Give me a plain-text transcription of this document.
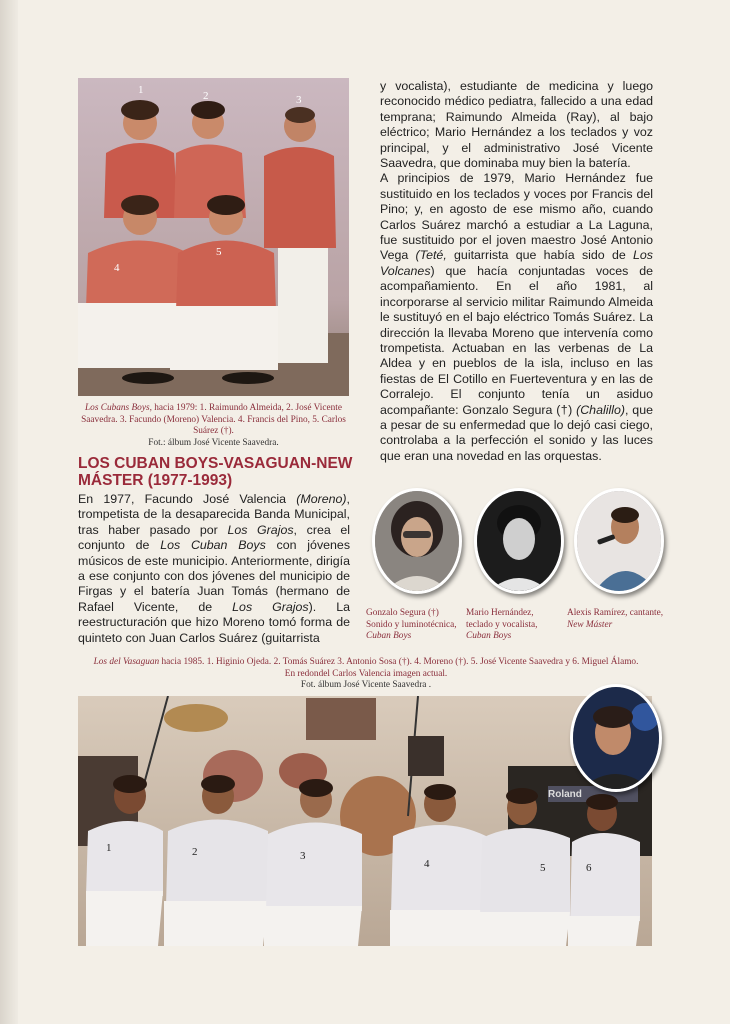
1	2	3
4
5
Los Cubans Boys, hacia 1979: 1. Raimundo Almeida, 2. José Vicente Saavedra. 3. Facundo (Moreno) Valencia. 4. Francis del Pino, 5. Carlos Suárez (†).
Fot.: álbum José Vicente Saavedra.
LOS CUBAN BOYS-VASAGUAN-NEW MÁSTER (1977-1993)

En 1977, Facundo José Valencia (Moreno), trompetista de la desaparecida Banda Municipal, tras haber pasado por Los Grajos, crea el conjunto de Los Cuban Boys con jóvenes músicos de este municipio. Anteriormente, dirigía a ese conjunto con dos jóvenes del municipio de Firgas y el batería Juan Tomás (hermano de Rafael Vicente, de Los Grajos). La reestructuración que hizo Moreno tomó forma de quinteto con Juan Carlos Suárez (guitarrista

y vocalista), estudiante de medicina y luego reconocido médico pediatra, fallecido a una edad temprana; Raimundo Almeida (Ray), al bajo eléctrico; Mario Hernández a los teclados y voz principal, y el administrativo José Vicente Saavedra, que dominaba muy bien la batería.

A principios de 1979, Mario Hernández fue sustituido en los teclados y voces por Francis del Pino; y, en agosto de ese mismo año, cuando Carlos Suárez marchó a estudiar a La Laguna, fue sustituido por el joven maestro José Antonio Vega (Teté, guitarrista que había sido de Los Volcanes) que hacía conjuntadas voces de acompañamiento. En el año 1981, al incorporarse al servicio militar Raimundo Almeida le sustituyó en el bajo eléctrico Tomás Suárez. La dirección la llevaba Moreno que intervenía como trompetista. Actuaban en las verbenas de La Aldea y en pueblos de la isla, incluso en las fiestas de El Cotillo en Fuerteventura y en las de Corralejo. El conjunto tenía un asiduo acompañante: Gonzalo Segura (†) (Chalillo), que a pesar de su enfermedad que lo dejó casi ciego, controlaba a la perfección el sonido y las luces que eran una novedad en las orquestas.

Gonzalo Segura (†)
Sonido y luminotécnica,
Cuban Boys
Mario Hernández,
teclado y vocalista,
Cuban Boys
Alexis Ramírez, cantante,
New Máster
Los del Vasaguan hacia 1985. 1. Higinio Ojeda. 2. Tomás Suárez 3. Antonio Sosa (†). 4. Moreno (†). 5. José Vicente Saavedra y 6. Miguel Álamo.
En redondel Carlos Valencia imagen actual.
Fot. álbum José Vicente Saavedra .
1	2	3
4	5	6
Roland
